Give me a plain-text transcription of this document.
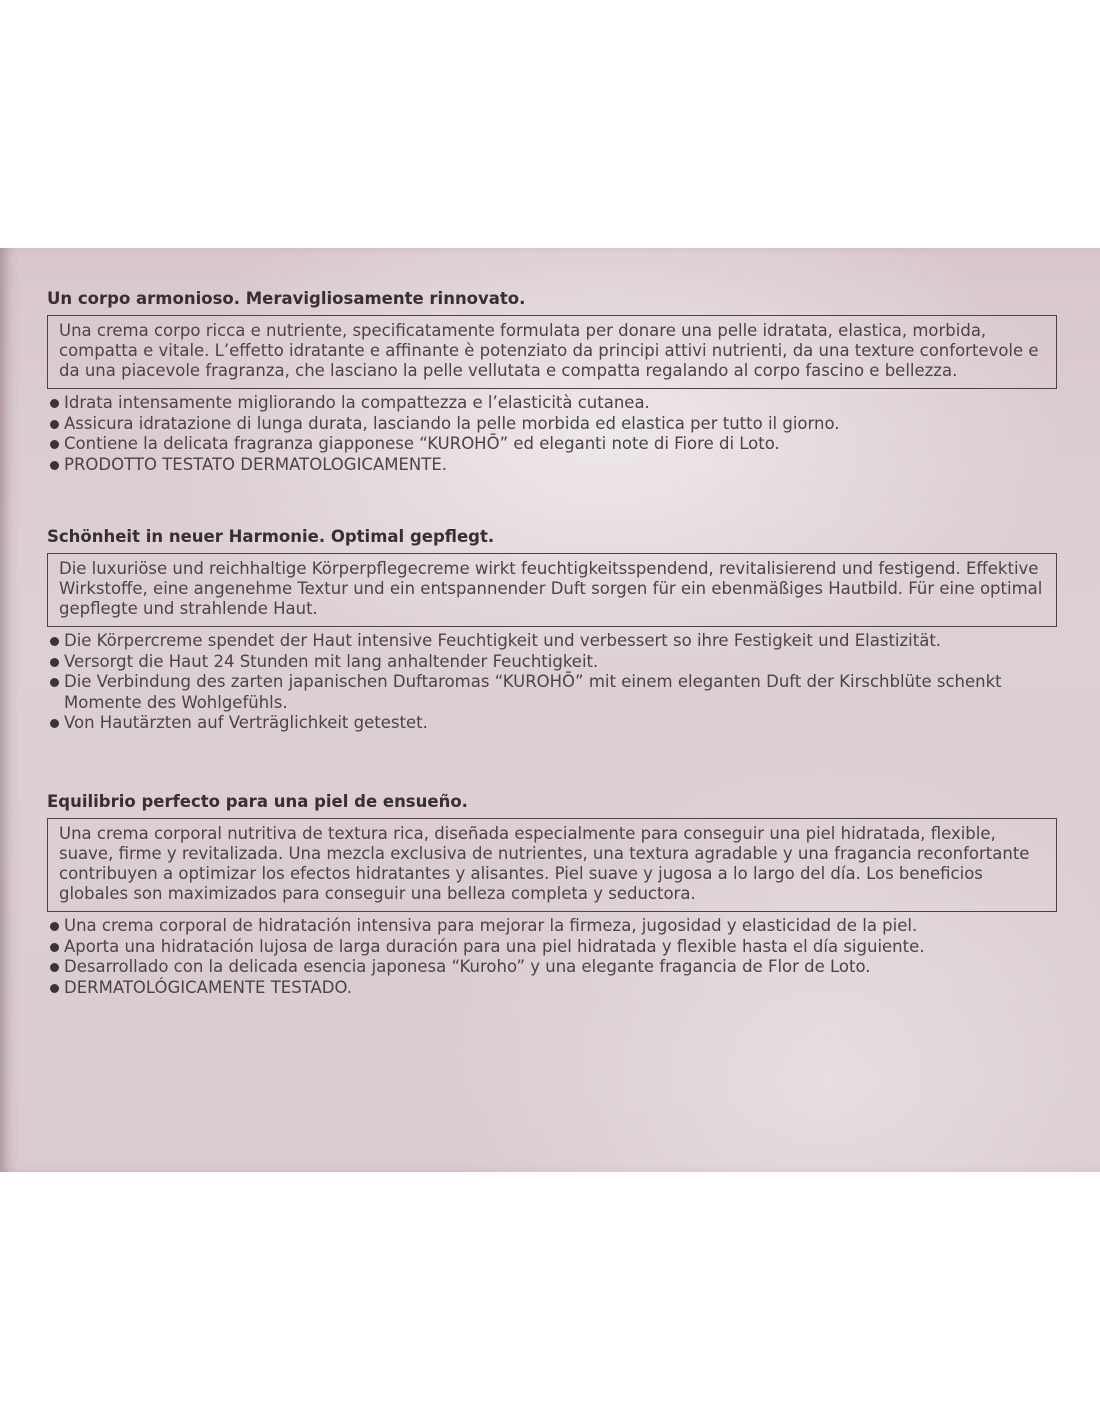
Un corpo armonioso. Meravigliosamente rinnovato.
Una crema corpo ricca e nutriente, specificatamente formulata per donare una pelle idratata, elastica, morbida, compatta e vitale. L’effetto idratante e affinante è potenziato da principi attivi nutrienti, da una texture confortevole e da una piacevole fragranza, che lasciano la pelle vellutata e compatta regalando al corpo fascino e bellezza.
Idrata intensamente migliorando la compattezza e l’elasticità cutanea.
Assicura idratazione di lunga durata, lasciando la pelle morbida ed elastica per tutto il giorno.
Contiene la delicata fragranza giapponese “KUROHŌ” ed eleganti note di Fiore di Loto.
PRODOTTO TESTATO DERMATOLOGICAMENTE.
Schönheit in neuer Harmonie. Optimal gepflegt.
Die luxuriöse und reichhaltige Körperpflegecreme wirkt feuchtigkeitsspendend, revitalisierend und festigend. Effektive Wirkstoffe, eine angenehme Textur und ein entspannender Duft sorgen für ein ebenmäßiges Hautbild. Für eine optimal gepflegte und strahlende Haut.
Die Körpercreme spendet der Haut intensive Feuchtigkeit und verbessert so ihre Festigkeit und Elastizität.
Versorgt die Haut 24 Stunden mit lang anhaltender Feuchtigkeit.
Die Verbindung des zarten japanischen Duftaromas “KUROHŌ” mit einem eleganten Duft der Kirschblüte schenkt Momente des Wohlgefühls.
Von Hautärzten auf Verträglichkeit getestet.
Equilibrio perfecto para una piel de ensueño.
Una crema corporal nutritiva de textura rica, diseñada especialmente para conseguir una piel hidratada, flexible, suave, firme y revitalizada. Una mezcla exclusiva de nutrientes, una textura agradable y una fragancia reconfortante contribuyen a optimizar los efectos hidratantes y alisantes. Piel suave y jugosa a lo largo del día. Los beneficios globales son maximizados para conseguir una belleza completa y seductora.
Una crema corporal de hidratación intensiva para mejorar la firmeza, jugosidad y elasticidad de la piel.
Aporta una hidratación lujosa de larga duración para una piel hidratada y flexible hasta el día siguiente.
Desarrollado con la delicada esencia japonesa “Kuroho” y una elegante fragancia de Flor de Loto.
DERMATOLÓGICAMENTE TESTADO.
